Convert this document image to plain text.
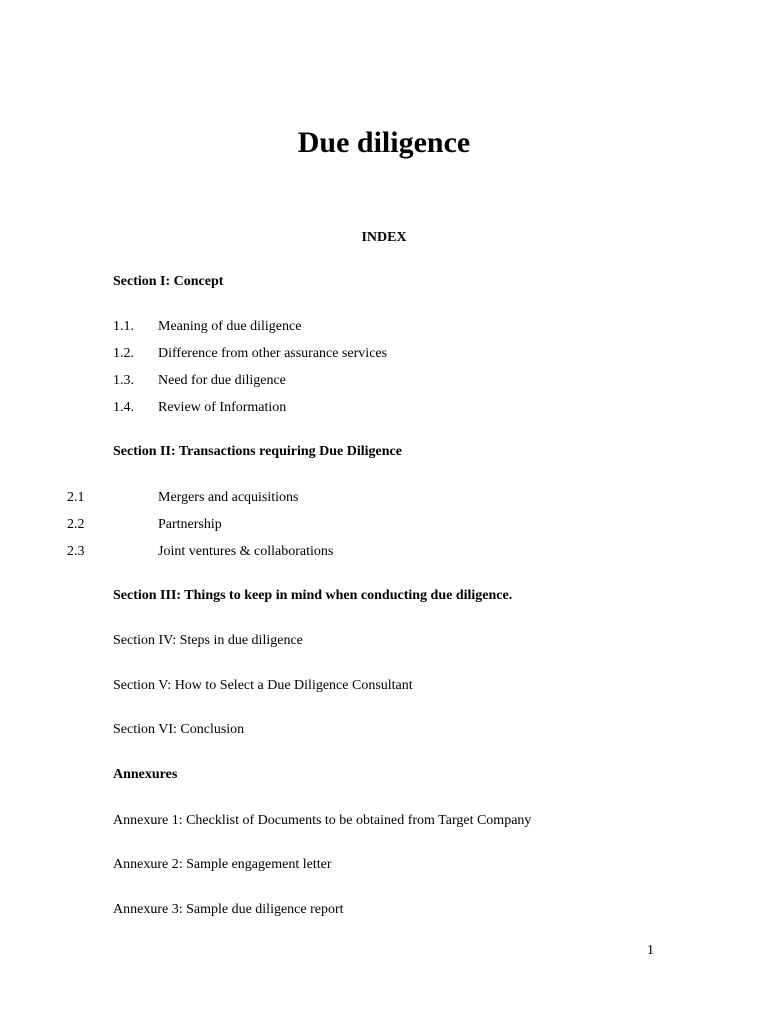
Due diligence
INDEX
Section I: Concept
1.1. Meaning of due diligence
1.2. Difference from other assurance services
1.3. Need for due diligence
1.4. Review of Information
Section II: Transactions requiring Due Diligence
2.1	Mergers and acquisitions
2.2	Partnership
2.3	Joint ventures & collaborations
Section III: Things to keep in mind when conducting due diligence.
Section IV: Steps in due diligence
Section V: How to Select a Due Diligence Consultant
Section VI: Conclusion
Annexures
Annexure 1: Checklist of Documents to be obtained from Target Company
Annexure 2: Sample engagement letter
Annexure 3: Sample due diligence report
1
